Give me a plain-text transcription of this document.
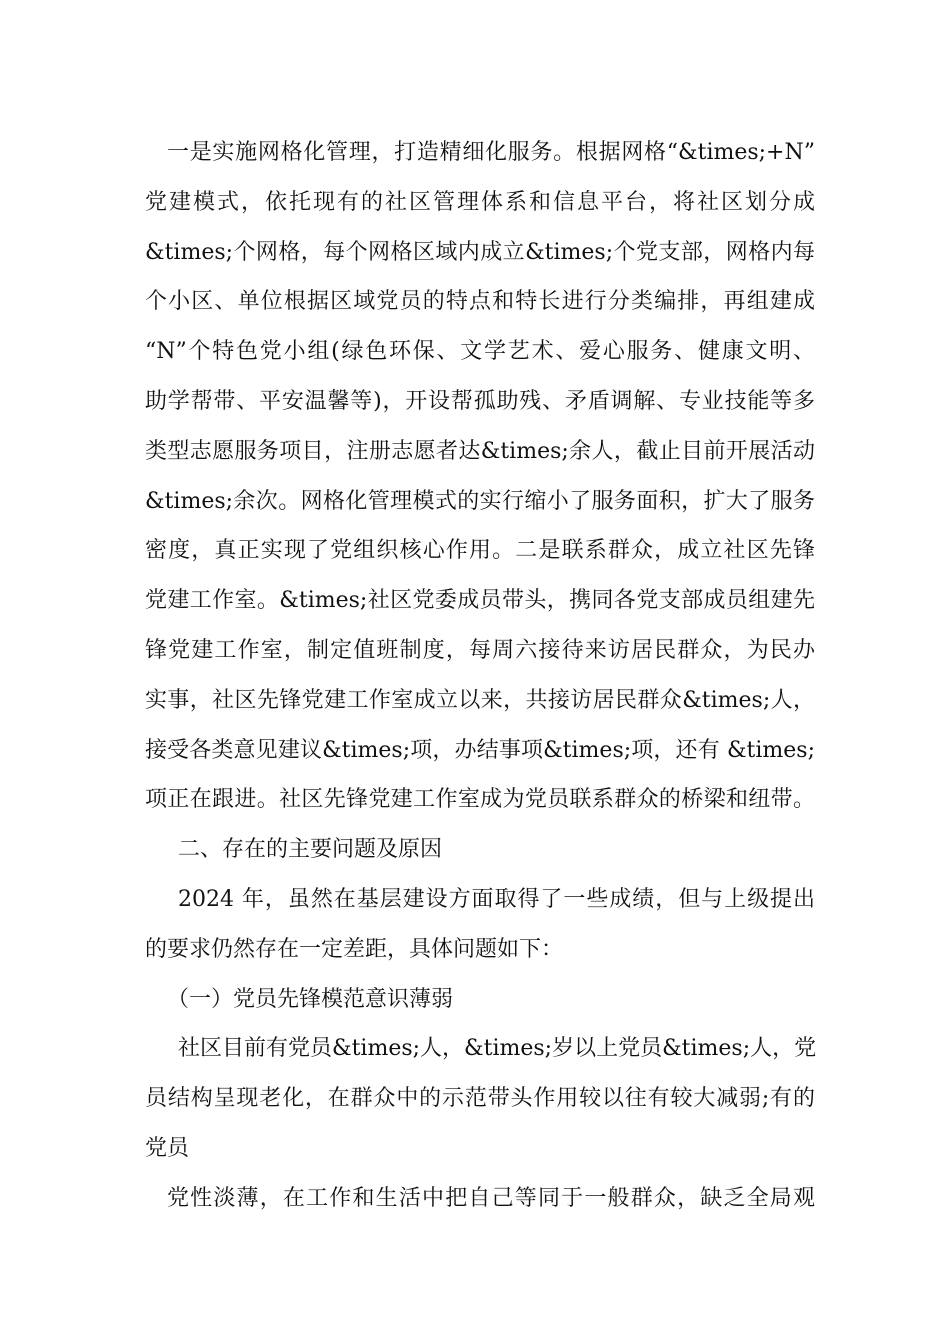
一是实施网格化管理，打造精细化服务。根据网格“&times;+N”
党建模式，依托现有的社区管理体系和信息平台，将社区划分成
&times;个网格，每个网格区域内成立&times;个党支部，网格内每
个小区、单位根据区域党员的特点和特长进行分类编排，再组建成
“N”个特色党小组(绿色环保、文学艺术、爱心服务、健康文明、
助学帮带、平安温馨等)，开设帮孤助残、矛盾调解、专业技能等多
类型志愿服务项目，注册志愿者达&times;余人，截止目前开展活动
&times;余次。网格化管理模式的实行缩小了服务面积，扩大了服务
密度，真正实现了党组织核心作用。二是联系群众，成立社区先锋
党建工作室。&times;社区党委成员带头，携同各党支部成员组建先
锋党建工作室，制定值班制度，每周六接待来访居民群众，为民办
实事，社区先锋党建工作室成立以来，共接访居民群众&times;人，
接受各类意见建议&times;项，办结事项&times;项，还有 &times;
项正在跟进。社区先锋党建工作室成为党员联系群众的桥梁和纽带。
二、存在的主要问题及原因
2024 年，虽然在基层建设方面取得了一些成绩，但与上级提出
的要求仍然存在一定差距，具体问题如下：
（一）党员先锋模范意识薄弱
社区目前有党员&times;人，&times;岁以上党员&times;人，党
员结构呈现老化，在群众中的示范带头作用较以往有较大减弱;有的
党员
党性淡薄，在工作和生活中把自己等同于一般群众，缺乏全局观
